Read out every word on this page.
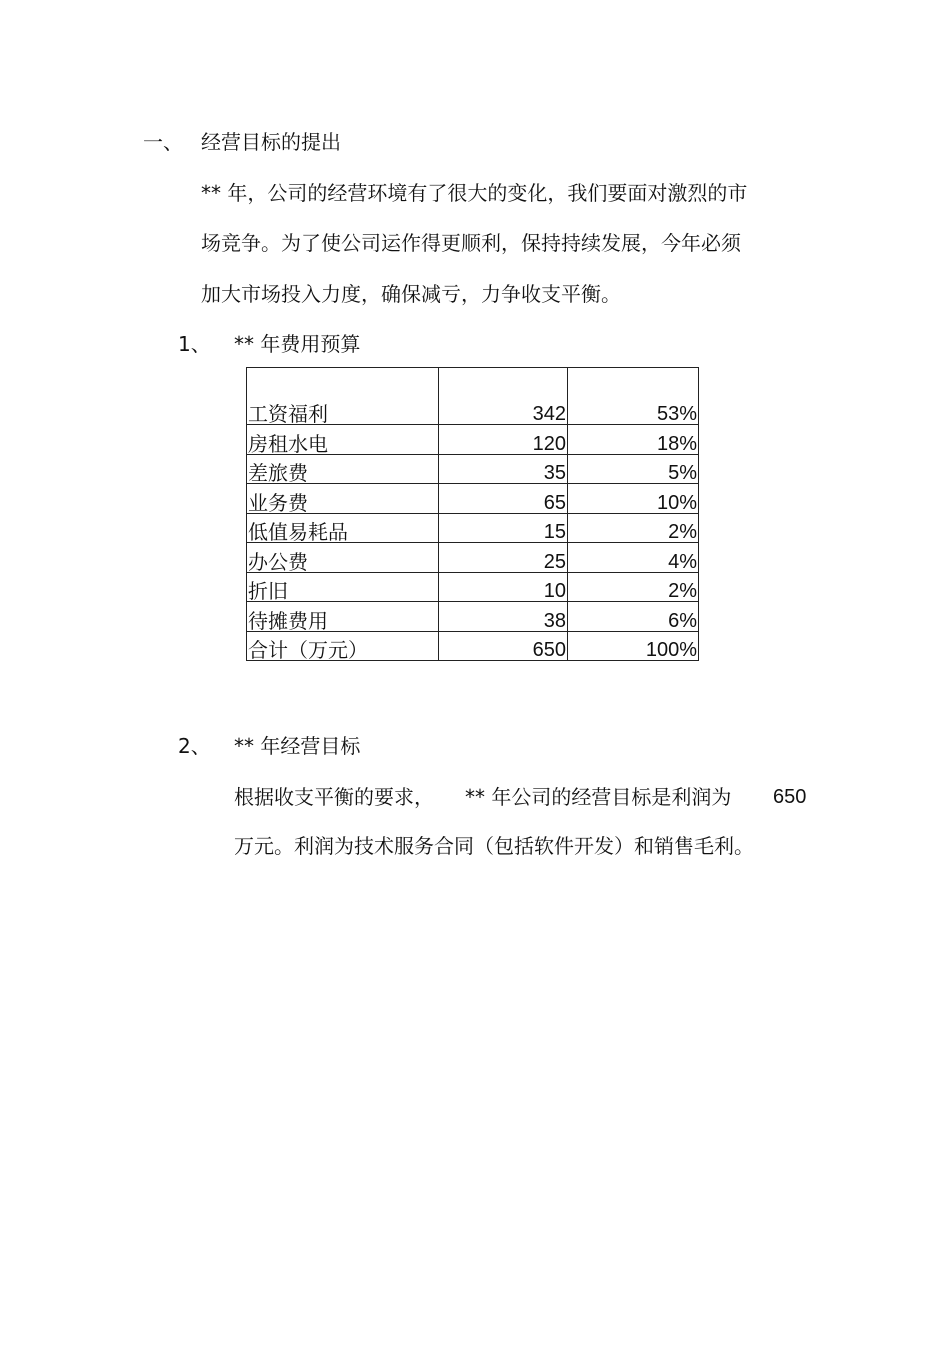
一、 经营目标的提出
** 年，公司的经营环境有了很大的变化，我们要面对激烈的市
场竞争。为了使公司运作得更顺利，保持持续发展，今年必须
加大市场投入力度，确保减亏，力争收支平衡。
1、 ** 年费用预算
工资福利	342	53%
房租水电	120	18%
差旅费	35	5%
业务费	65	10%
低值易耗品	15	2%
办公费	25	4%
折旧	10	2%
待摊费用	38	6%
合计（万元）	650	100%
2、 ** 年经营目标
根据收支平衡的要求， ** 年公司的经营目标是利润为 650
万元。利润为技术服务合同（包括软件开发）和销售毛利。
